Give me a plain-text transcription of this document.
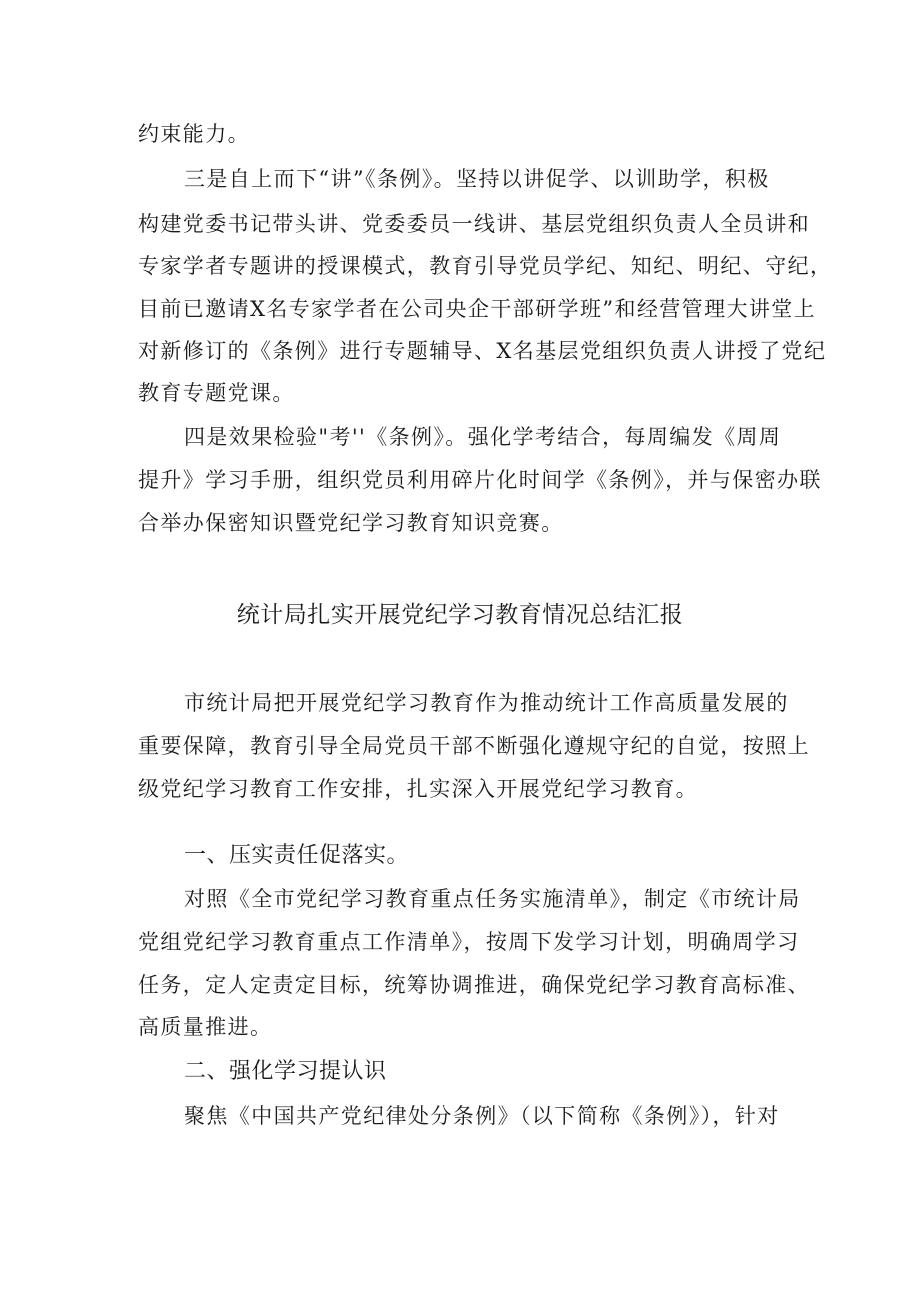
约束能力。
三是自上而下“讲”《条例》。坚持以讲促学、以训助学，积极
构建党委书记带头讲、党委委员一线讲、基层党组织负责人全员讲和
专家学者专题讲的授课模式，教育引导党员学纪、知纪、明纪、守纪，
目前已邀请X名专家学者在公司央企干部研学班”和经营管理大讲堂上
对新修订的《条例》进行专题辅导、X名基层党组织负责人讲授了党纪
教育专题党课。
四是效果检验"考''《条例》。强化学考结合，每周编发《周周
提升》学习手册，组织党员利用碎片化时间学《条例》，并与保密办联
合举办保密知识暨党纪学习教育知识竞赛。
统计局扎实开展党纪学习教育情况总结汇报
市统计局把开展党纪学习教育作为推动统计工作高质量发展的
重要保障，教育引导全局党员干部不断强化遵规守纪的自觉，按照上
级党纪学习教育工作安排，扎实深入开展党纪学习教育。
一、压实责任促落实。
对照《全市党纪学习教育重点任务实施清单》，制定《市统计局
党组党纪学习教育重点工作清单》，按周下发学习计划，明确周学习
任务，定人定责定目标，统筹协调推进，确保党纪学习教育高标准、
高质量推进。
二、强化学习提认识
聚焦《中国共产党纪律处分条例》（以下简称《条例》），针对
